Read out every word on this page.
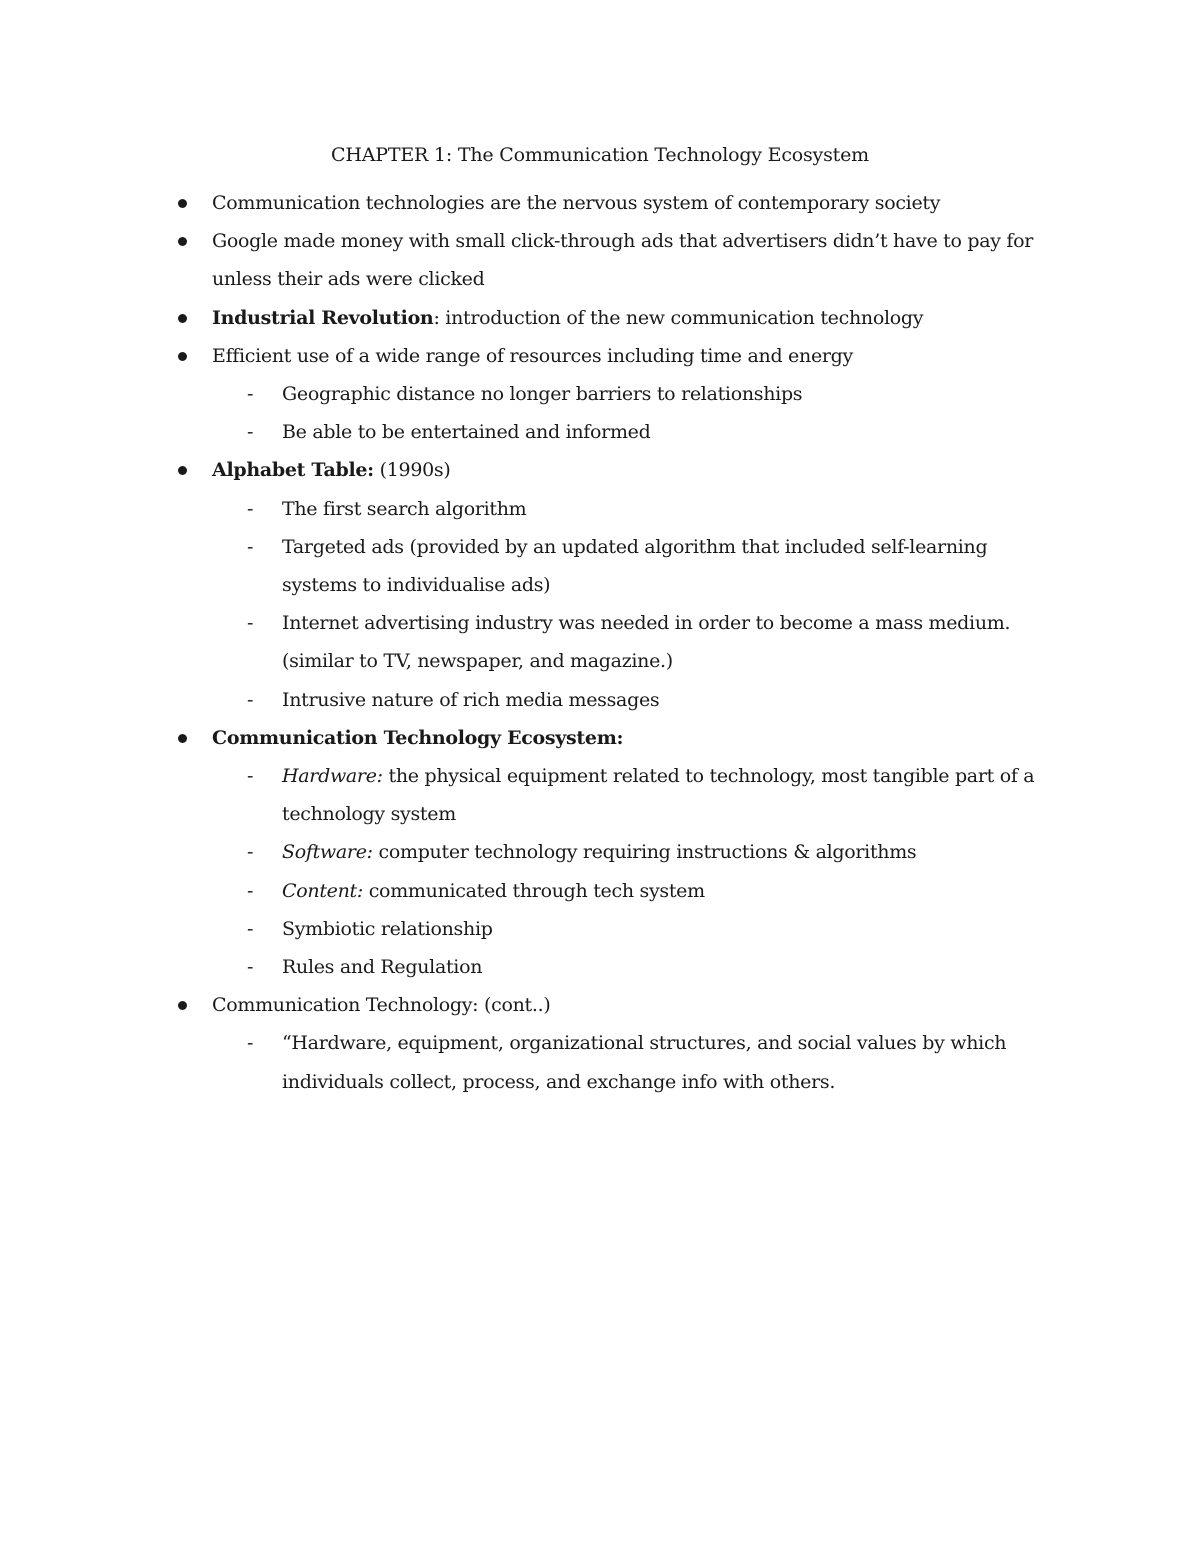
CHAPTER 1: The Communication Technology Ecosystem
Communication technologies are the nervous system of contemporary society
Google made money with small click-through ads that advertisers didn’t have to pay for unless their ads were clicked
Industrial Revolution: introduction of the new communication technology
Efficient use of a wide range of resources including time and energy
- Geographic distance no longer barriers to relationships
- Be able to be entertained and informed
Alphabet Table: (1990s)
- The first search algorithm
- Targeted ads (provided by an updated algorithm that included self-learning systems to individualise ads)
- Internet advertising industry was needed in order to become a mass medium. (similar to TV, newspaper, and magazine.)
- Intrusive nature of rich media messages
Communication Technology Ecosystem:
- Hardware: the physical equipment related to technology, most tangible part of a technology system
- Software: computer technology requiring instructions & algorithms
- Content: communicated through tech system
- Symbiotic relationship
- Rules and Regulation
Communication Technology: (cont..)
- “Hardware, equipment, organizational structures, and social values by which individuals collect, process, and exchange info with others.
